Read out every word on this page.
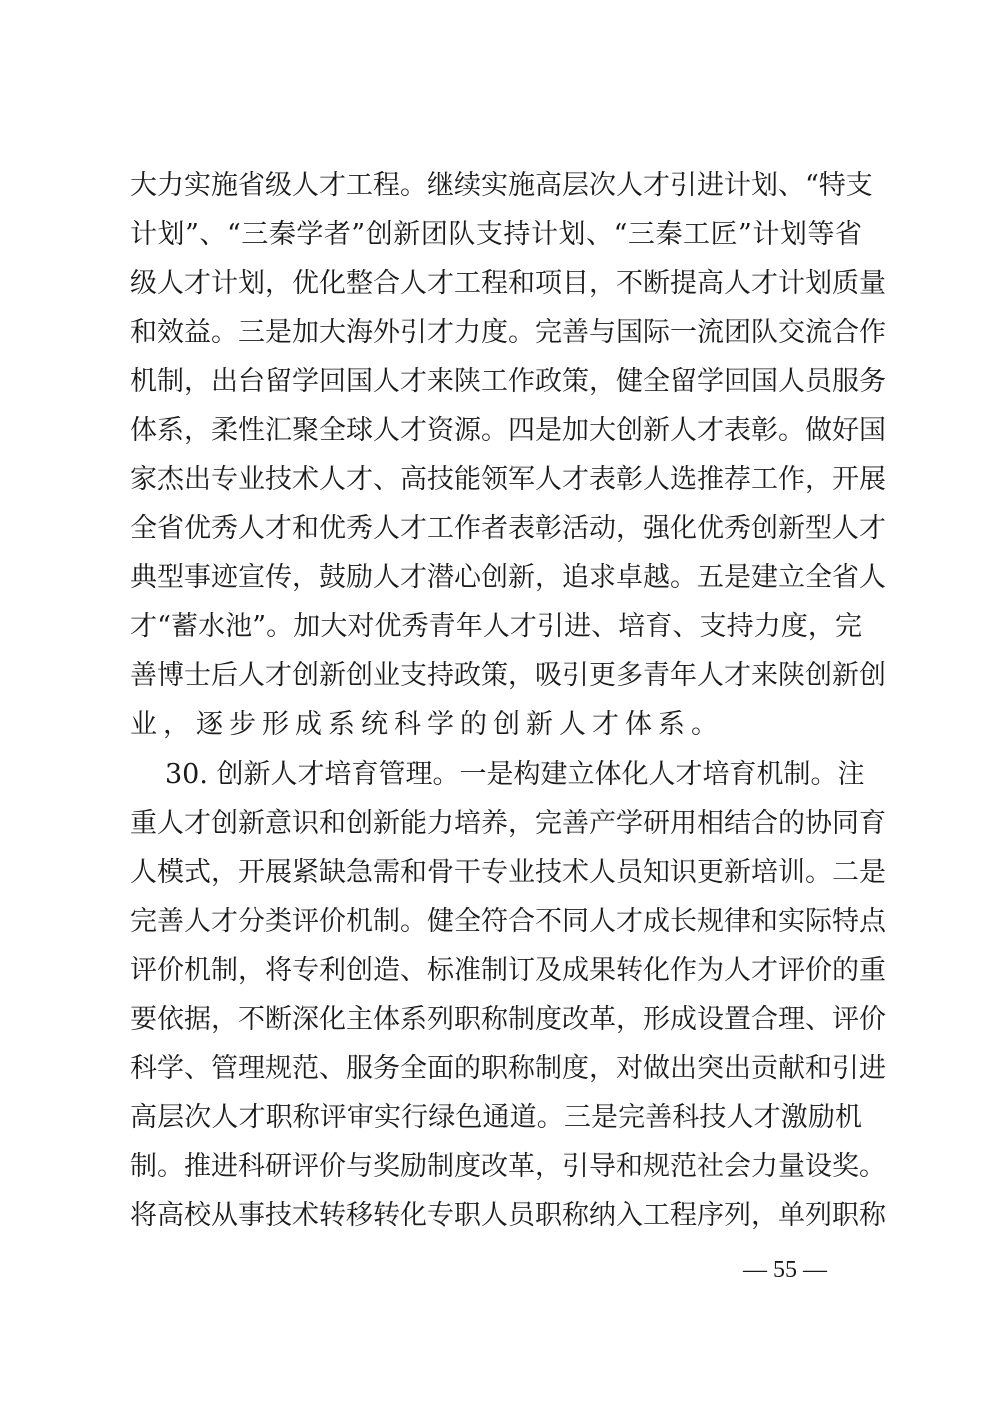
大力实施省级人才工程。继续实施高层次人才引进计划、“特支
计划”、“三秦学者”创新团队支持计划、“三秦工匠”计划等省
级人才计划，优化整合人才工程和项目，不断提高人才计划质量
和效益。三是加大海外引才力度。完善与国际一流团队交流合作
机制，出台留学回国人才来陕工作政策，健全留学回国人员服务
体系，柔性汇聚全球人才资源。四是加大创新人才表彰。做好国
家杰出专业技术人才、高技能领军人才表彰人选推荐工作，开展
全省优秀人才和优秀人才工作者表彰活动，强化优秀创新型人才
典型事迹宣传，鼓励人才潜心创新，追求卓越。五是建立全省人
才“蓄水池”。加大对优秀青年人才引进、培育、支持力度，完
善博士后人才创新创业支持政策，吸引更多青年人才来陕创新创
业，逐步形成系统科学的创新人才体系。
30. 创新人才培育管理。一是构建立体化人才培育机制。注
重人才创新意识和创新能力培养，完善产学研用相结合的协同育
人模式，开展紧缺急需和骨干专业技术人员知识更新培训。二是
完善人才分类评价机制。健全符合不同人才成长规律和实际特点
评价机制，将专利创造、标准制订及成果转化作为人才评价的重
要依据，不断深化主体系列职称制度改革，形成设置合理、评价
科学、管理规范、服务全面的职称制度，对做出突出贡献和引进
高层次人才职称评审实行绿色通道。三是完善科技人才激励机
制。推进科研评价与奖励制度改革，引导和规范社会力量设奖。
将高校从事技术转移转化专职人员职称纳入工程序列，单列职称
— 55 —
